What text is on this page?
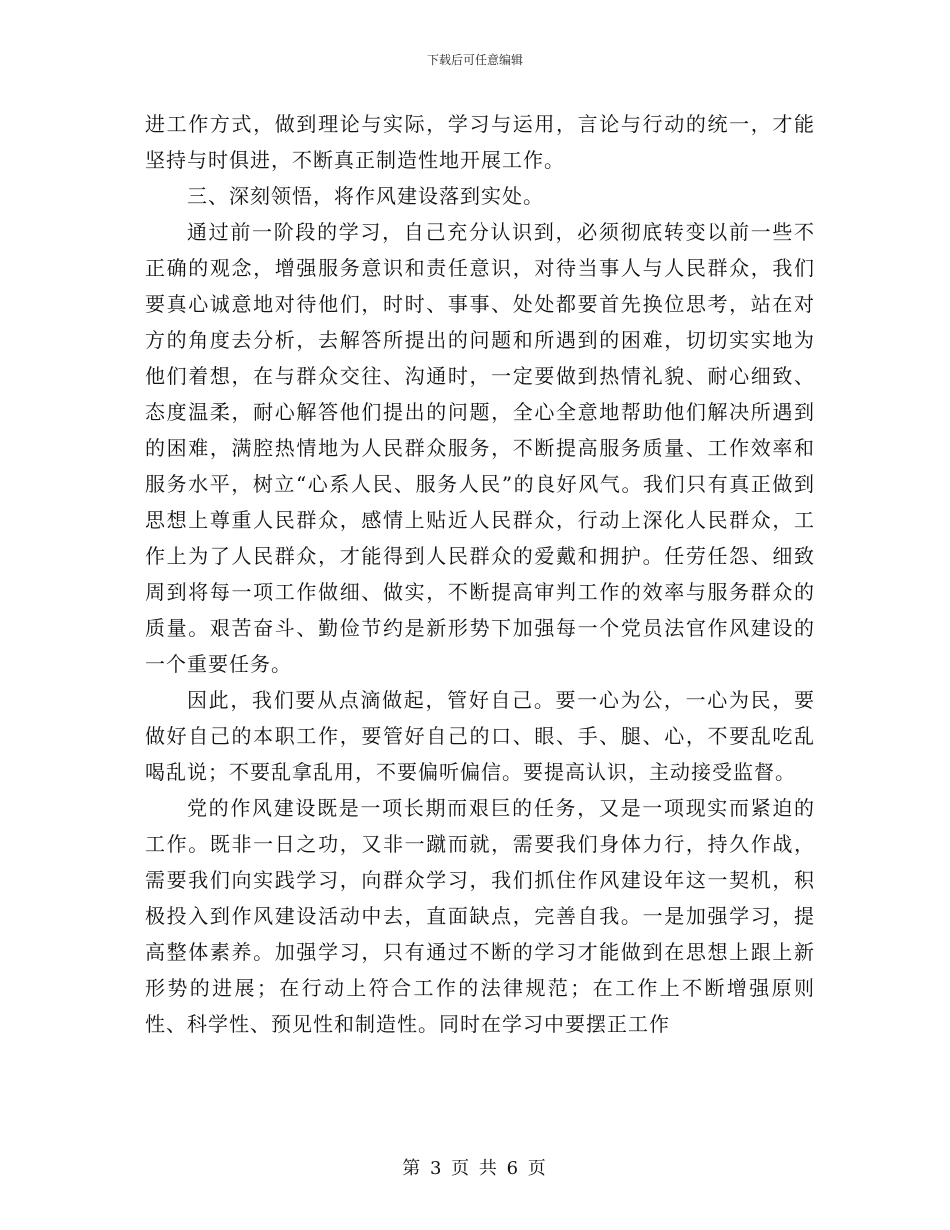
下载后可任意编辑

进工作方式，做到理论与实际，学习与运用，言论与行动的统一，才能坚持与时俱进，不断真正制造性地开展工作。

三、深刻领悟，将作风建设落到实处。

通过前一阶段的学习，自己充分认识到，必须彻底转变以前一些不正确的观念，增强服务意识和责任意识，对待当事人与人民群众，我们要真心诚意地对待他们，时时、事事、处处都要首先换位思考，站在对方的角度去分析，去解答所提出的问题和所遇到的困难，切切实实地为他们着想，在与群众交往、沟通时，一定要做到热情礼貌、耐心细致、态度温柔，耐心解答他们提出的问题，全心全意地帮助他们解决所遇到的困难，满腔热情地为人民群众服务，不断提高服务质量、工作效率和服务水平，树立“心系人民、服务人民”的良好风气。我们只有真正做到思想上尊重人民群众，感情上贴近人民群众，行动上深化人民群众，工作上为了人民群众，才能得到人民群众的爱戴和拥护。任劳任怨、细致周到将每一项工作做细、做实，不断提高审判工作的效率与服务群众的质量。艰苦奋斗、勤俭节约是新形势下加强每一个党员法官作风建设的一个重要任务。

因此，我们要从点滴做起，管好自己。要一心为公，一心为民，要做好自己的本职工作，要管好自己的口、眼、手、腿、心，不要乱吃乱喝乱说；不要乱拿乱用，不要偏听偏信。要提高认识，主动接受监督。

党的作风建设既是一项长期而艰巨的任务，又是一项现实而紧迫的工作。既非一日之功，又非一蹴而就，需要我们身体力行，持久作战，需要我们向实践学习，向群众学习，我们抓住作风建设年这一契机，积极投入到作风建设活动中去，直面缺点，完善自我。一是加强学习，提高整体素养。加强学习，只有通过不断的学习才能做到在思想上跟上新形势的进展；在行动上符合工作的法律规范；在工作上不断增强原则性、科学性、预见性和制造性。同时在学习中要摆正工作

第 3 页 共 6 页
